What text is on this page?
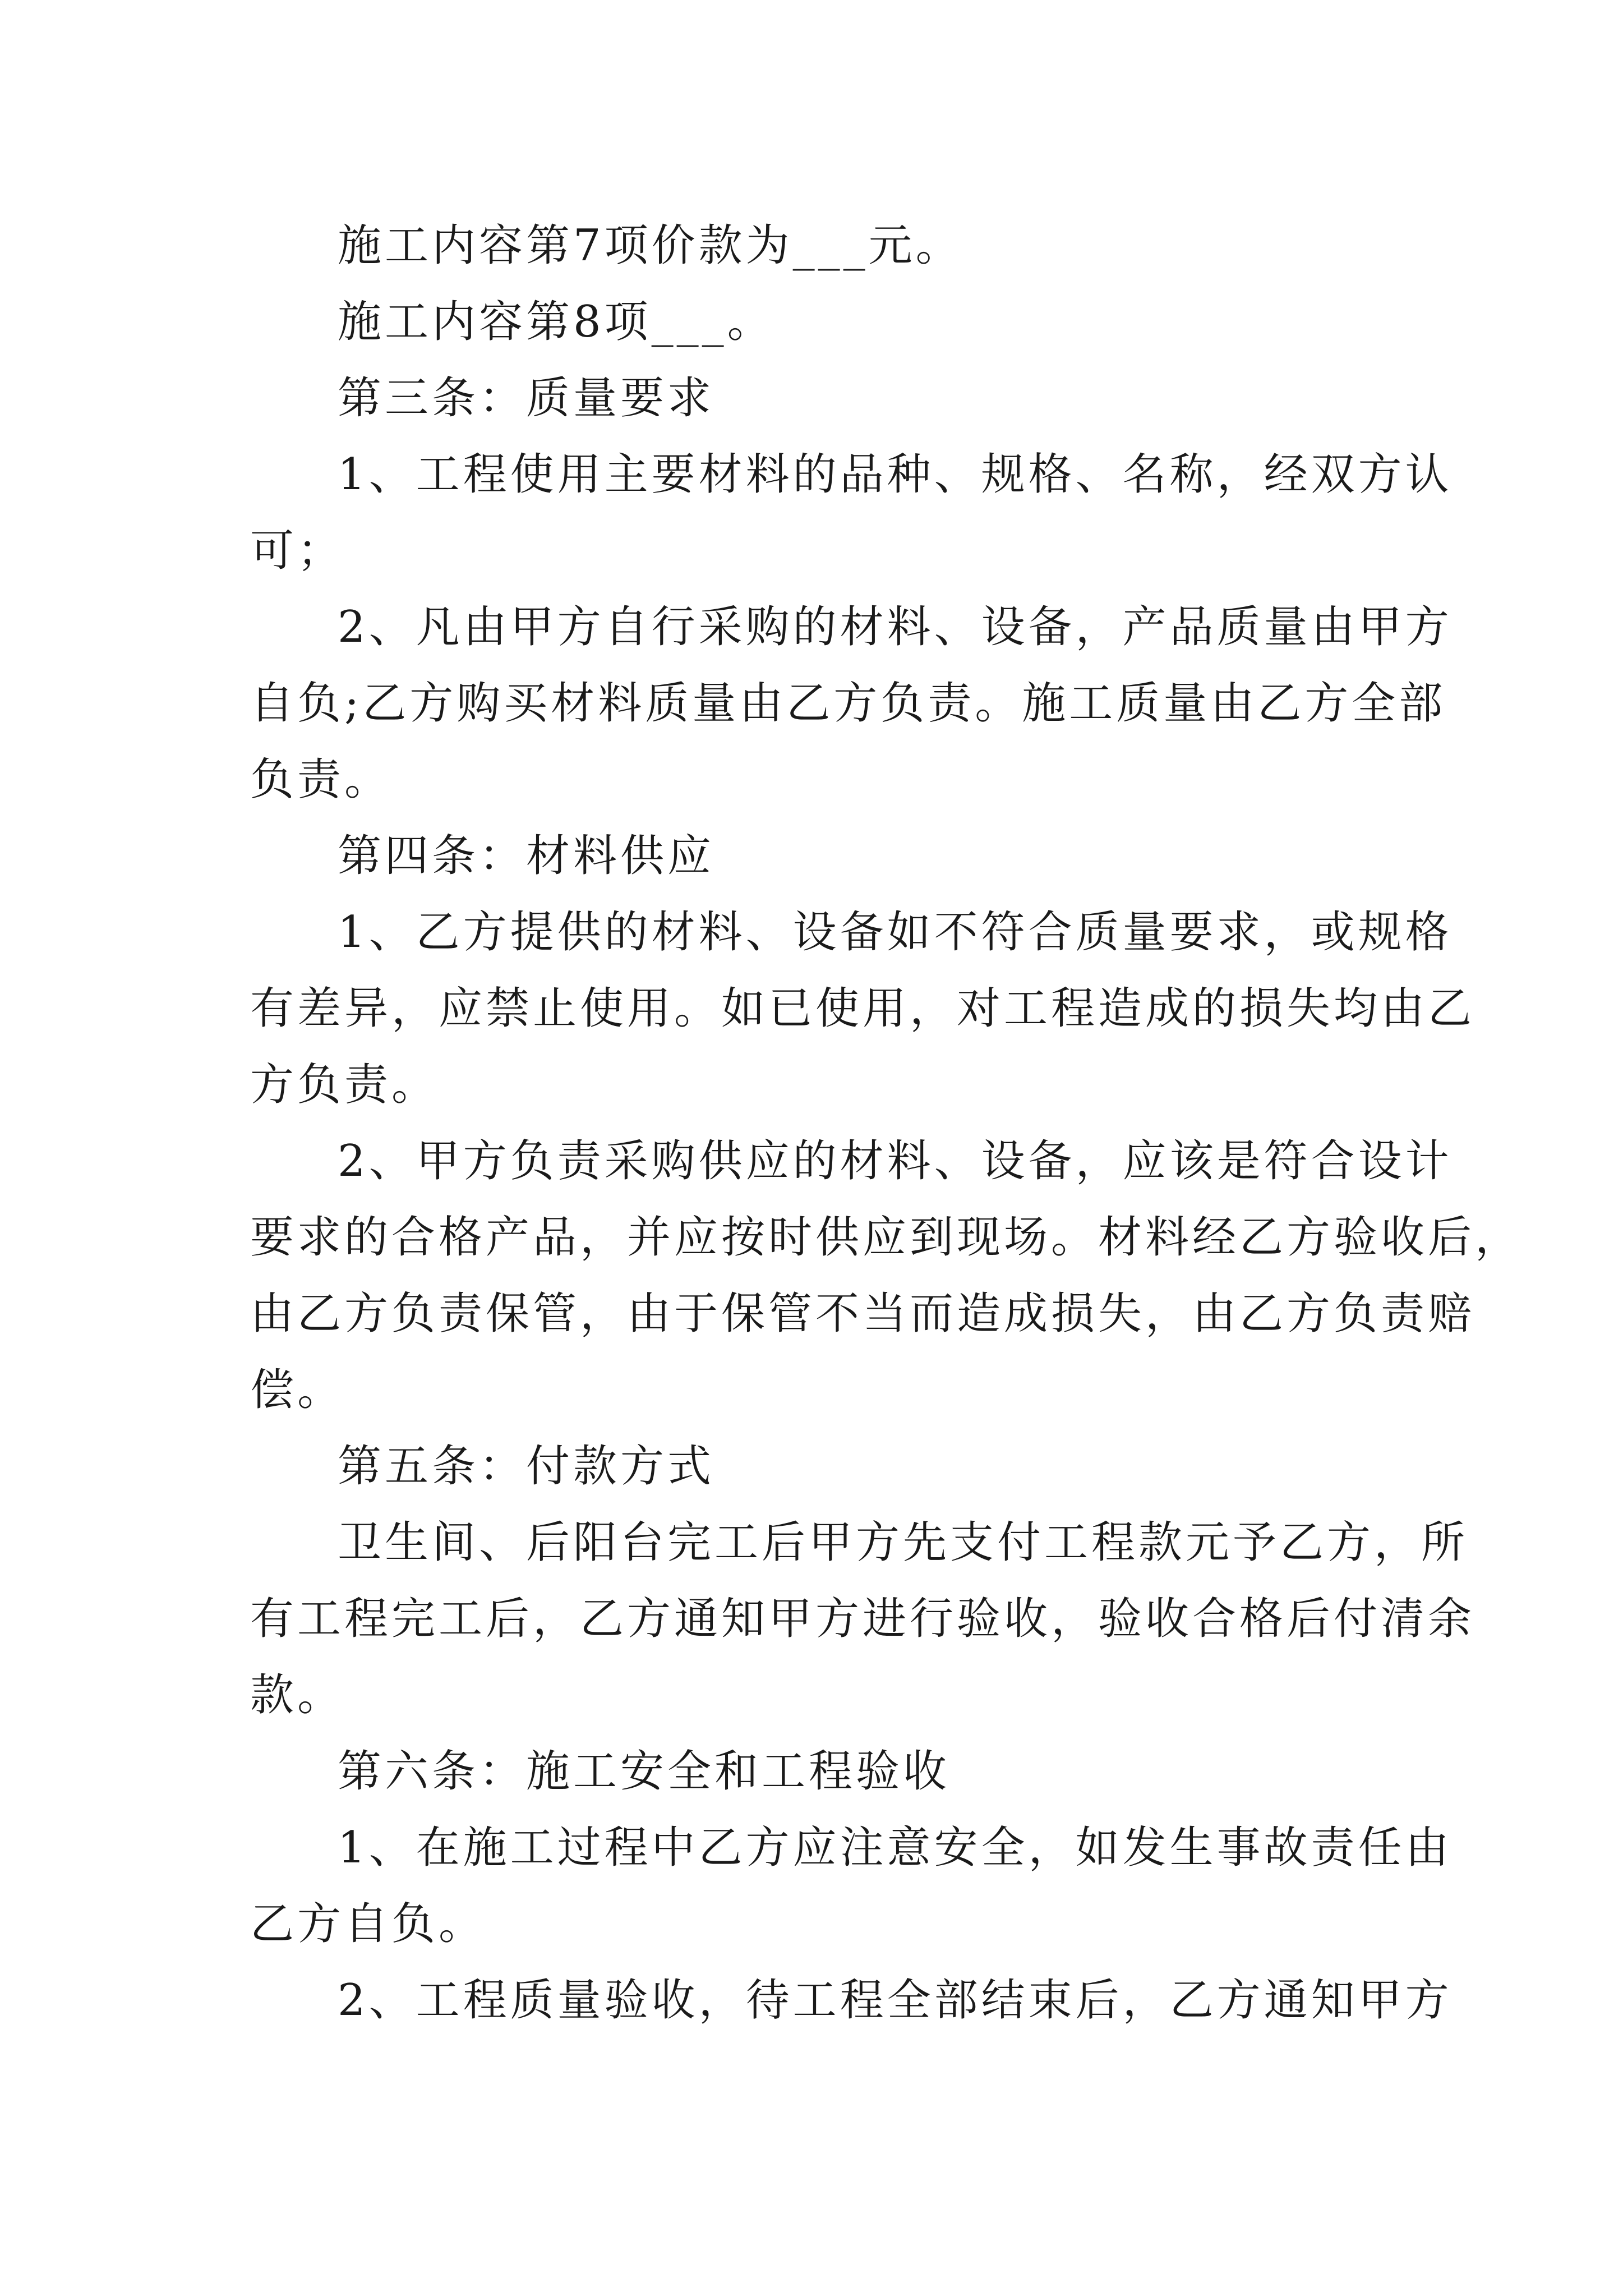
施工内容第7项价款为___元。
施工内容第8项___。
第三条：质量要求
1、工程使用主要材料的品种、规格、名称，经双方认
可；
2、凡由甲方自行采购的材料、设备，产品质量由甲方
自负;乙方购买材料质量由乙方负责。施工质量由乙方全部
负责。
第四条：材料供应
1、乙方提供的材料、设备如不符合质量要求，或规格
有差异，应禁止使用。如已使用，对工程造成的损失均由乙
方负责。
2、甲方负责采购供应的材料、设备，应该是符合设计
要求的合格产品，并应按时供应到现场。材料经乙方验收后，
由乙方负责保管，由于保管不当而造成损失，由乙方负责赔
偿。
第五条：付款方式
卫生间、后阳台完工后甲方先支付工程款元予乙方，所
有工程完工后，乙方通知甲方进行验收，验收合格后付清余
款。
第六条：施工安全和工程验收
1、在施工过程中乙方应注意安全，如发生事故责任由
乙方自负。
2、工程质量验收，待工程全部结束后，乙方通知甲方
